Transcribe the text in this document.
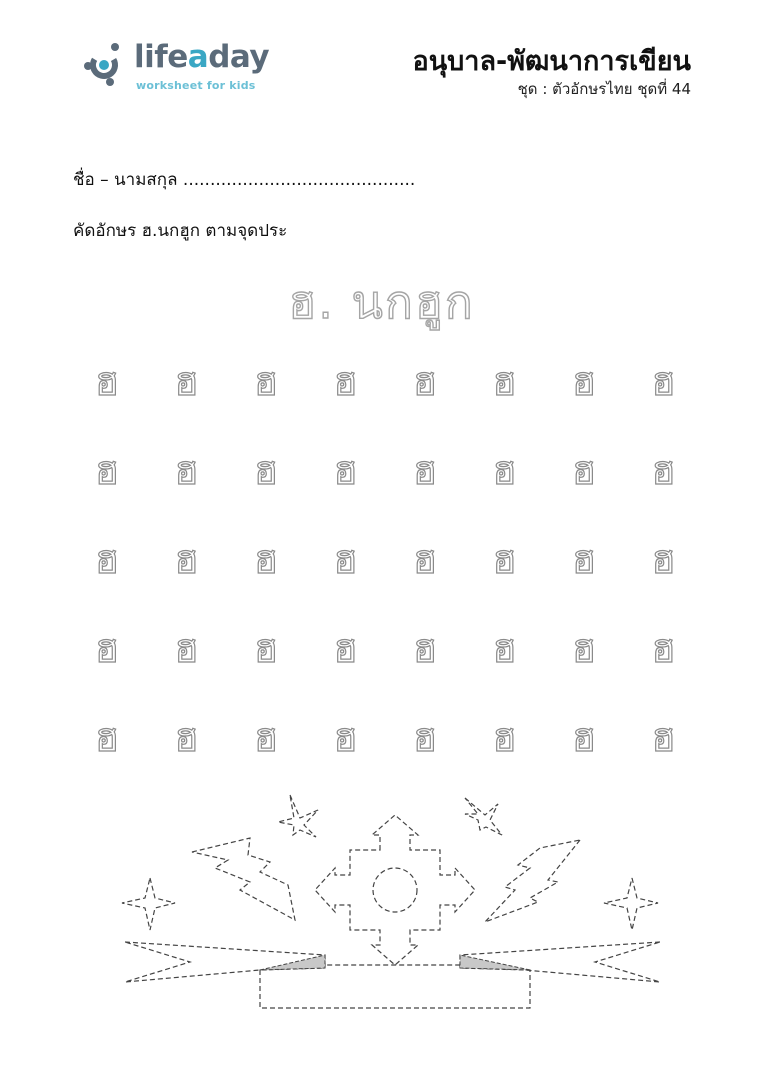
lifeaday
worksheet for kids
อนุบาล-พัฒนาการเขียน
ชุด : ตัวอักษรไทย ชุดที่ 44
ชื่อ – นามสกุล ...........................................
คัดอักษร ฮ.นกฮูก ตามจุดประ
ฮ. นกฮูก
ฮ	ฮ	ฮ	ฮ	ฮ	ฮ	ฮ	ฮ
ฮ	ฮ	ฮ	ฮ	ฮ	ฮ	ฮ	ฮ
ฮ	ฮ	ฮ	ฮ	ฮ	ฮ	ฮ	ฮ
ฮ	ฮ	ฮ	ฮ	ฮ	ฮ	ฮ	ฮ
ฮ	ฮ	ฮ	ฮ	ฮ	ฮ	ฮ	ฮ
